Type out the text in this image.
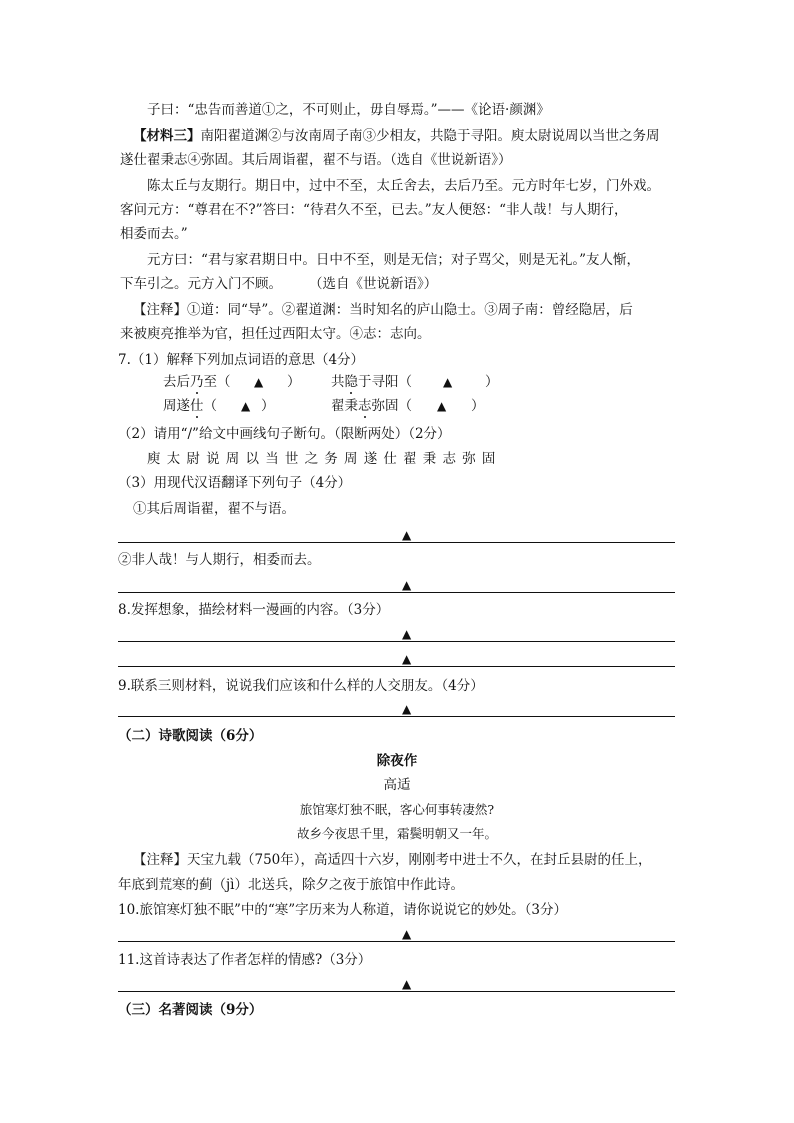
子曰：“忠告而善道①之，不可则止，毋自辱焉。”——《论语·颜渊》
【材料三】南阳翟道渊②与汝南周子南③少相友，共隐于寻阳。庾太尉说周以当世之务周
遂仕翟秉志④弥固。其后周诣翟，翟不与语。（选自《世说新语》）
陈太丘与友期行。期日中，过中不至，太丘舍去，去后乃至。元方时年七岁，门外戏。
客问元方：“尊君在不?”答曰：“待君久不至，已去。”友人便怒：“非人哉！与人期行，
相委而去。”
元方曰：“君与家君期日中。日中不至，则是无信；对子骂父，则是无礼。”友人惭，
下车引之。元方入门不顾。　　　（选自《世说新语》）
【注释】①道：同“导”。②翟道渊：当时知名的庐山隐士。③周子南：曾经隐居，后
来被庾亮推举为官，担任过西阳太守。④志：志向。
7.（1）解释下列加点词语的意思（4分）
去后乃至（ ▲ ） 共隐于寻阳（	▲ ）
周遂仕（ ▲ ）	翟秉志弥固（ ▲ ）
（2）请用“/”给文中画线句子断句。（限断两处）（2分）
庾太尉说周以当世之务周遂仕翟秉志弥固
（3）用现代汉语翻译下列句子（4分）
①其后周诣翟，翟不与语。
▲
②非人哉！与人期行，相委而去。
▲
8.发挥想象，描绘材料一漫画的内容。（3分）
▲
▲
9.联系三则材料，说说我们应该和什么样的人交朋友。（4分）
▲
（二）诗歌阅读（6分）
除夜作
高适
旅馆寒灯独不眠，客心何事转凄然?
故乡今夜思千里，霜鬓明朝又一年。
【注释】天宝九载（750年），高适四十六岁，刚刚考中进士不久，在封丘县尉的任上，
年底到荒寒的蓟（jì）北送兵，除夕之夜于旅馆中作此诗。
10.旅馆寒灯独不眠”中的“寒”字历来为人称道，请你说说它的妙处。（3分）
▲
11.这首诗表达了作者怎样的情感?（3分）
▲
（三）名著阅读（9分）
